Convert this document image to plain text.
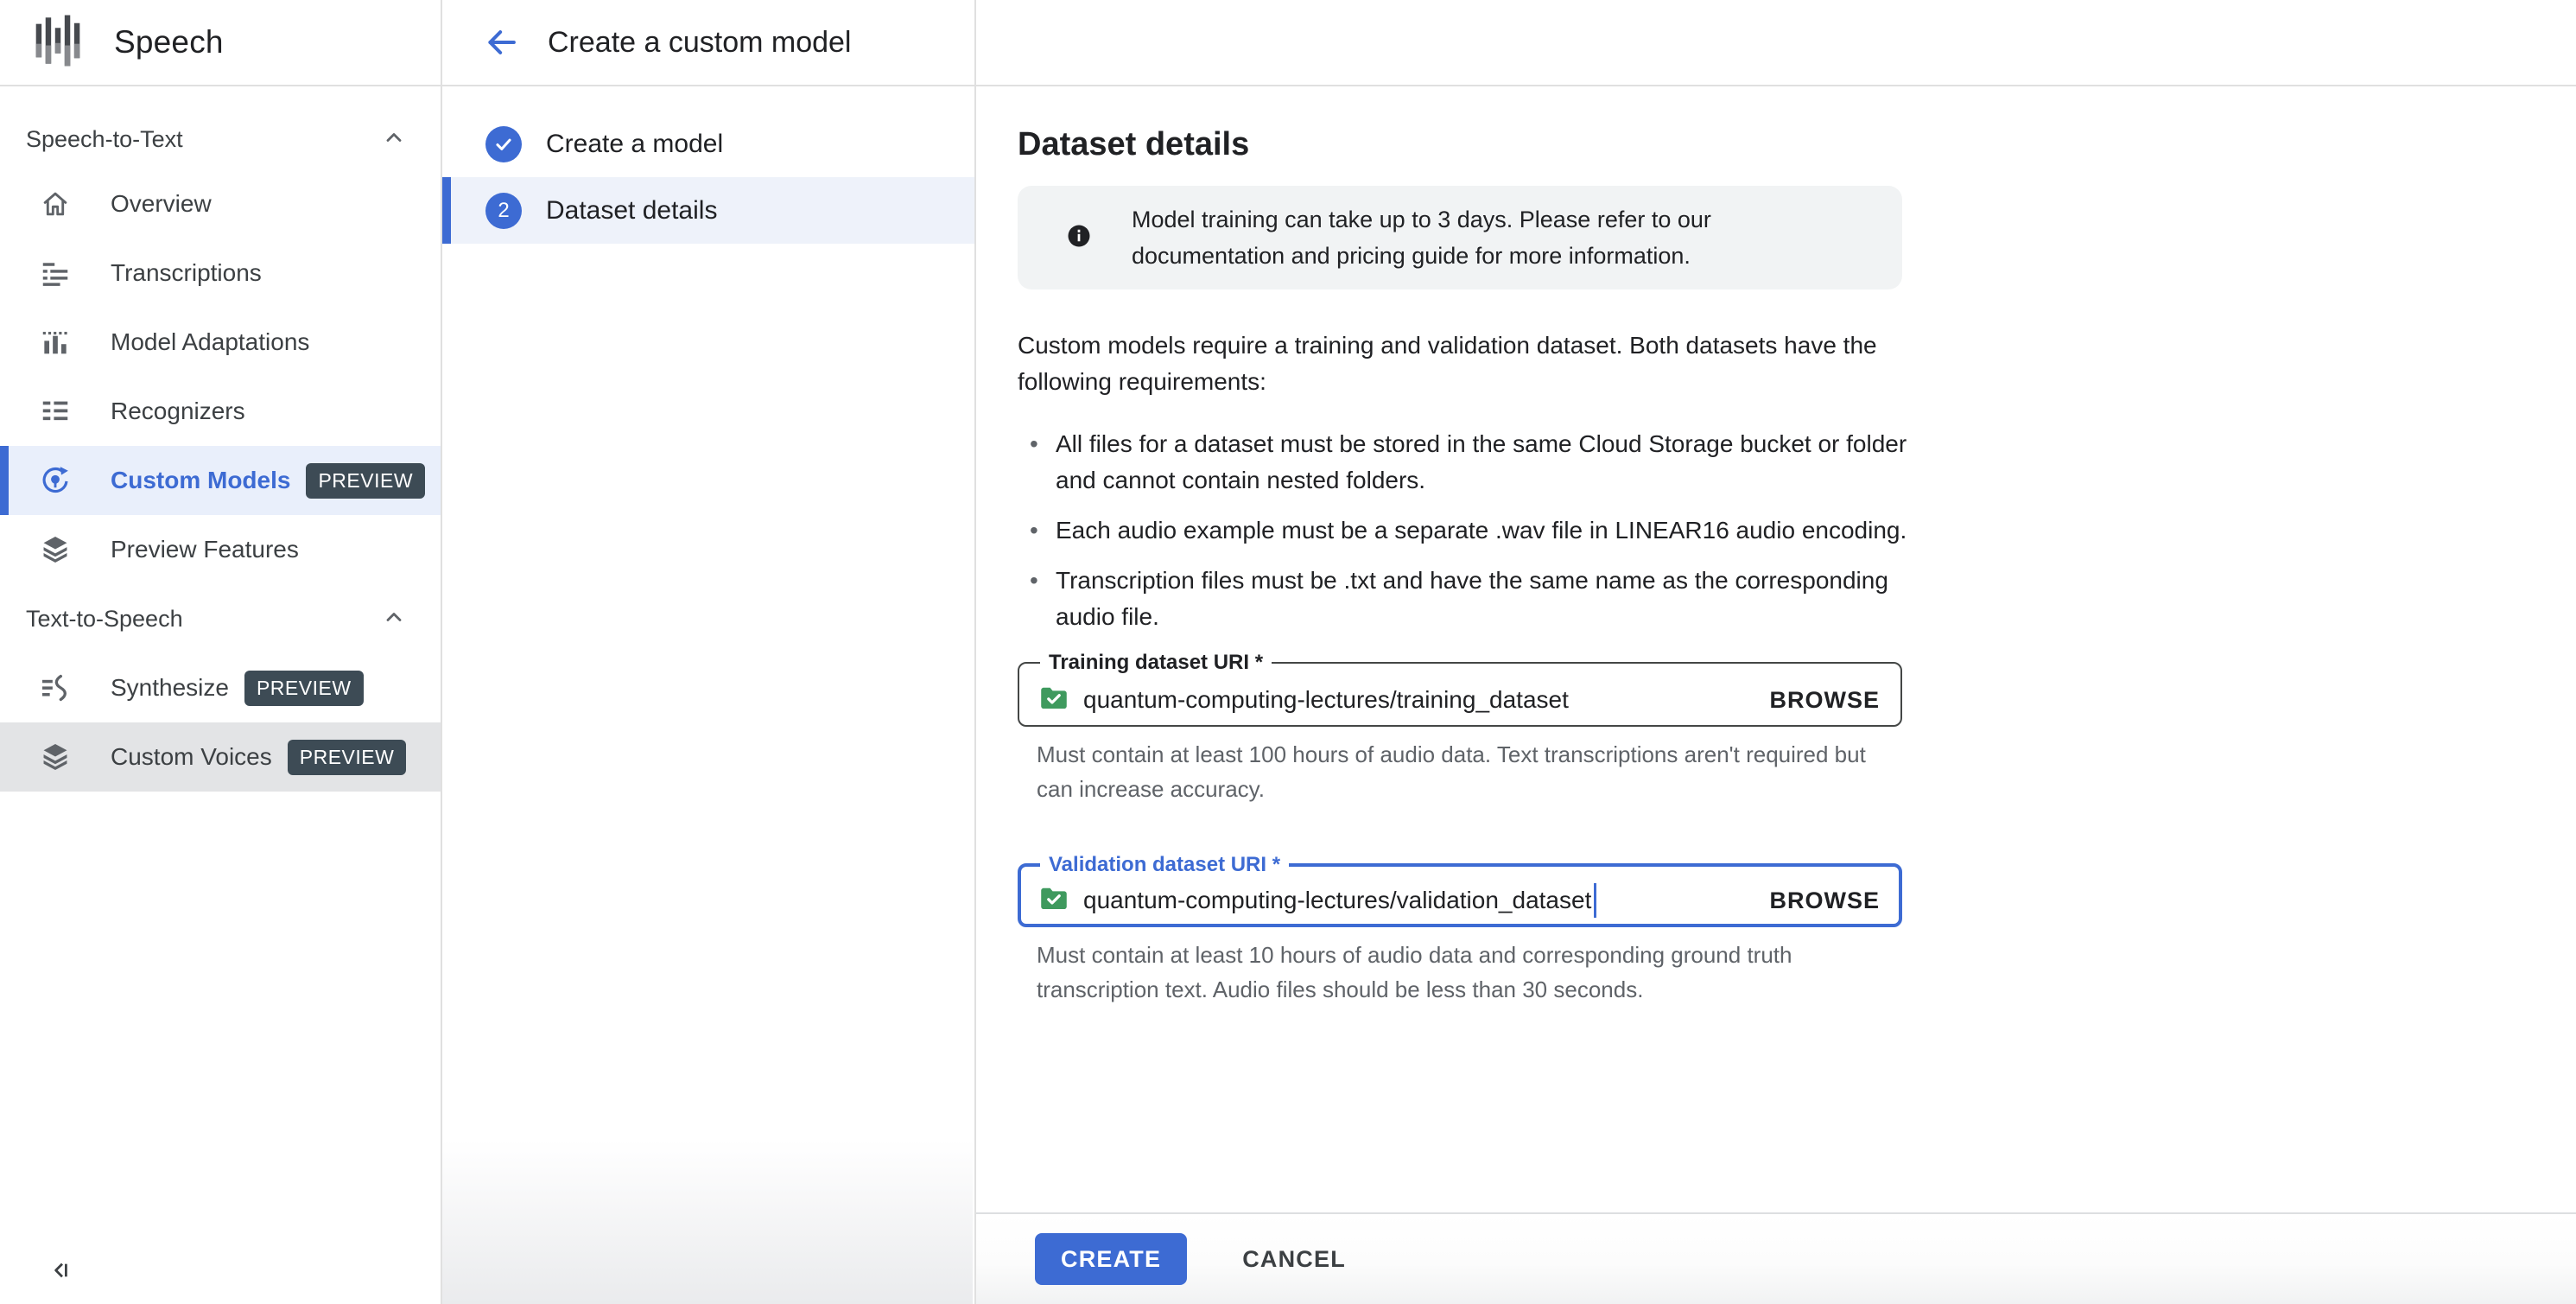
Speech
Speech-to-Text
Overview
Transcriptions
Model Adaptations
Recognizers
Custom Models	PREVIEW
Preview Features
Text-to-Speech
Synthesize	PREVIEW
Custom Voices	PREVIEW
Create a custom model
Create a model
2 Dataset details
Dataset details
Model training can take up to 3 days. Please refer to our documentation and pricing guide for more information.

Custom models require a training and validation dataset. Both datasets have the following requirements:

• All files for a dataset must be stored in the same Cloud Storage bucket or folder and cannot contain nested folders.
• Each audio example must be a separate .wav file in LINEAR16 audio encoding.
• Transcription files must be .txt and have the same name as the corresponding audio file.
Training dataset URI *
quantum-computing-lectures/training_dataset	BROWSE

Must contain at least 100 hours of audio data. Text transcriptions aren't required but can increase accuracy.

Validation dataset URI *
quantum-computing-lectures/validation_dataset	BROWSE

Must contain at least 10 hours of audio data and corresponding ground truth transcription text. Audio files should be less than 30 seconds.

CREATE	CANCEL
